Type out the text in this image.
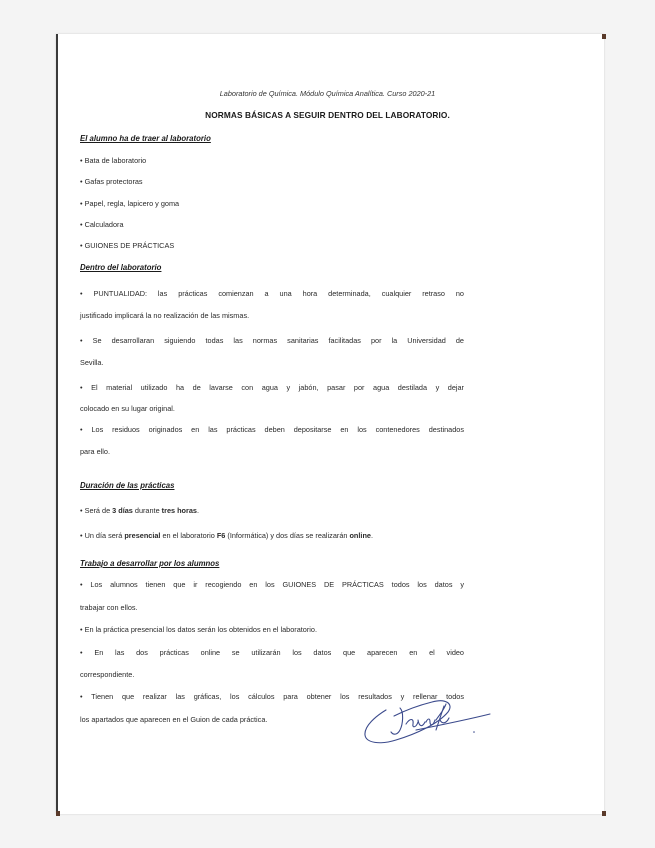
Laboratorio de Química. Módulo Química Analítica. Curso 2020-21
NORMAS BÁSICAS A SEGUIR DENTRO DEL LABORATORIO.
El alumno ha de traer al laboratorio
• Bata de laboratorio
• Gafas protectoras
• Papel, regla, lapicero y goma
• Calculadora
• GUIONES DE PRÁCTICAS
Dentro del laboratorio
• PUNTUALIDAD: las prácticas comienzan a una hora determinada, cualquier retraso no
justificado implicará la no realización de las mismas.
• Se desarrollaran siguiendo todas las normas sanitarias facilitadas por la Universidad de
Sevilla.
• El material utilizado ha de lavarse con agua y jabón, pasar por agua destilada y dejar
colocado en su lugar original.
• Los residuos originados en las prácticas deben depositarse en los contenedores destinados
para ello.
Duración de las prácticas
• Será de 3 días durante tres horas.
• Un día será presencial en el laboratorio F6 (Informática) y dos días se realizarán online.
Trabajo a desarrollar por los alumnos
• Los alumnos tienen que ir recogiendo en los GUIONES DE PRÁCTICAS todos los datos y
trabajar con ellos.
• En la práctica presencial los datos serán los obtenidos en el laboratorio.
• En las dos prácticas online se utilizarán los datos que aparecen en el video
correspondiente.
• Tienen que realizar las gráficas, los cálculos para obtener los resultados y rellenar todos
los apartados que aparecen en el Guion de cada práctica.
